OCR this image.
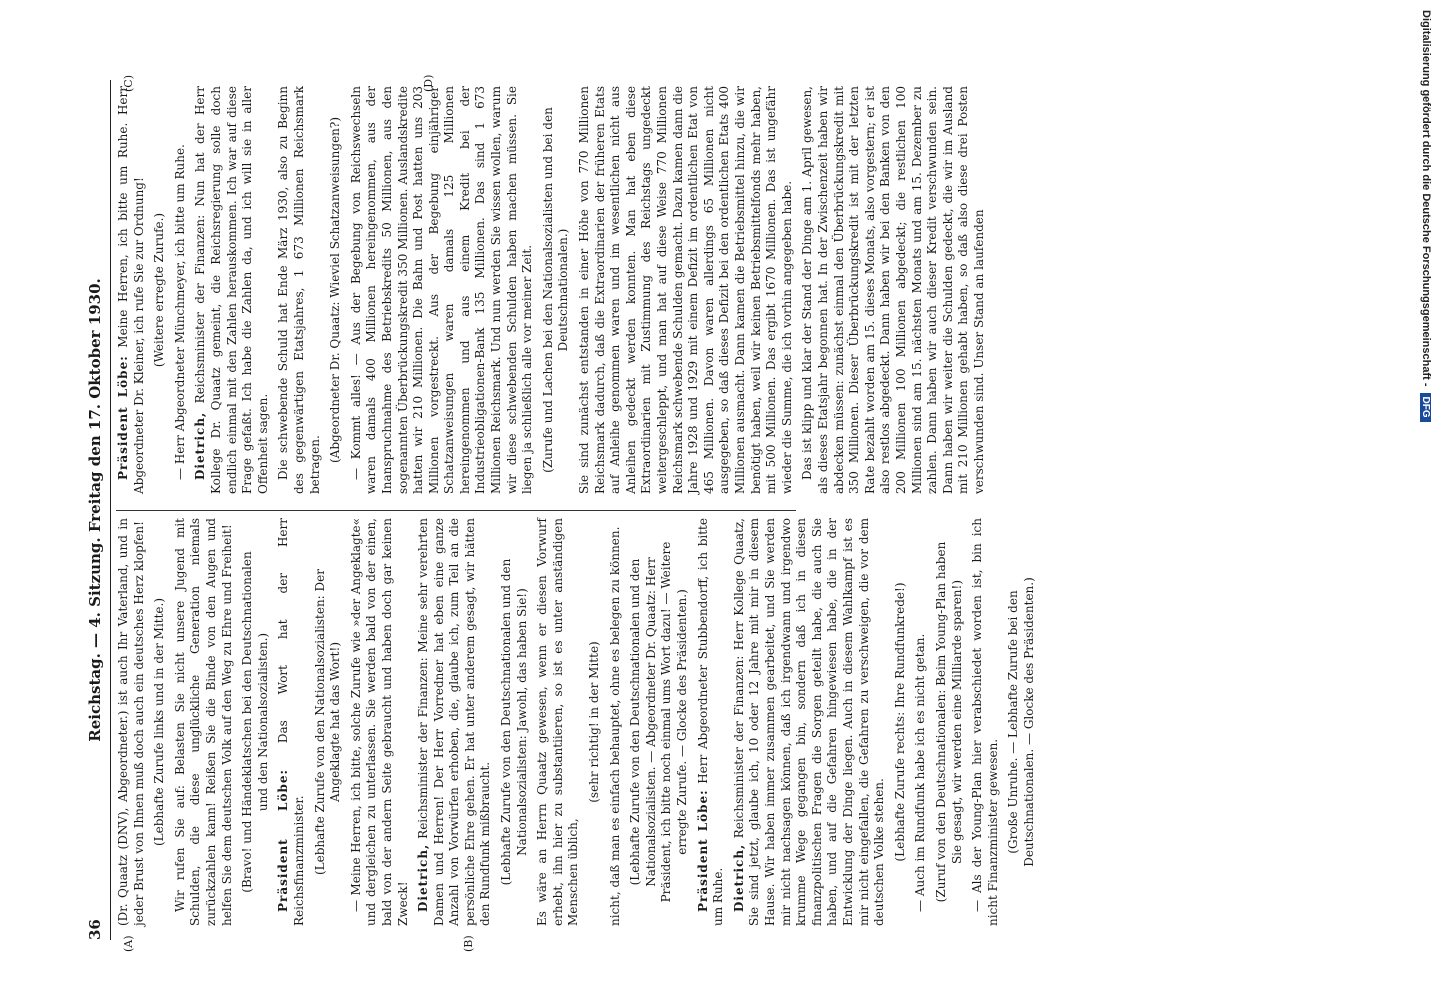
36
Reichstag. — 4. Sitzung. Freitag den 17. Oktober 1930.
(A)	(B)
(C)	(D)

(Dr. Quaatz (DNV), Abgeordneter.) ist auch Ihr Vaterland, und in jeder Brust von Ihnen muß doch auch ein deutsches Herz klopfen! (Lebhafte Zurufe links und in der Mitte.) Wir rufen Sie auf: Belasten Sie nicht unsere Jugend mit Schulden, die diese unglückliche Generation niemals zurückzahlen kann! Reißen Sie die Binde von den Augen und helfen Sie dem deutschen Volk auf den Weg zu Ehre und Freiheit! (Bravo! und Händeklatschen bei den Deutschnationalen und den Nationalsozialisten.)

Präsident Löbe: Das Wort hat der Herr Reichsfinanzminister. (Lebhafte Zurufe von den Nationalsozialisten: Der Angeklagte hat das Wort!) — Meine Herren, ich bitte, solche Zurufe wie »der Angeklagte« und dergleichen zu unterlassen. Sie werden bald von der einen, bald von der andern Seite gebraucht und haben doch gar keinen Zweck! Dietrich, Reichsminister der Finanzen: Meine sehr verehrten Damen und Herren! Der Herr Vorredner hat eben eine ganze Anzahl von Vorwürfen erhoben, die, glaube ich, zum Teil an die persönliche Ehre gehen. Er hat unter anderem gesagt, wir hätten den Rundfunk mißbraucht. (Lebhafte Zurufe von den Deutschnationalen und den Nationalsozialisten: Jawohl, das haben Sie!) Es wäre an Herrn Quaatz gewesen, wenn er diesen Vorwurf erhebt, ihn hier zu substantiieren, so ist es unter anständigen Menschen üblich,

(sehr richtig! in der Mitte) nicht, daß man es einfach behauptet, ohne es belegen zu können. (Lebhafte Zurufe von den Deutschnationalen und den Nationalsozialisten. — Abgeordneter Dr. Quaatz: Herr Präsident, ich bitte noch einmal ums Wort dazu! — Weitere erregte Zurufe. — Glocke des Präsidenten.) Präsident Löbe: Herr Abgeordneter Stubbendorff, ich bitte um Ruhe. Dietrich, Reichsminister der Finanzen: Herr Kollege Quaatz, Sie sind jetzt, glaube ich, 10 oder 12 Jahre mit mir in diesem Hause. Wir haben immer zusammen gearbeitet, und Sie werden mir nicht nachsagen können, daß ich irgendwann und irgendwo krumme Wege gegangen bin, sondern daß ich in diesen finanzpolitischen Fragen die Sorgen geteilt habe, die auch Sie haben, und auf die Gefahren hingewiesen habe, die in der Entwicklung der Dinge liegen. Auch in diesem Wahlkampf ist es mir nicht eingefallen, die Gefahren zu verschweigen, die vor dem deutschen Volke stehen. (Lebhafte Zurufe rechts: Ihre Rundfunkrede!) — Auch im Rundfunk habe ich es nicht getan. (Zuruf von den Deutschnationalen: Beim Young-Plan haben Sie gesagt, wir werden eine Milliarde sparen!) — Als der Young-Plan hier verabschiedet worden ist, bin ich nicht Finanzminister gewesen. (Große Unruhe. — Lebhafte Zurufe bei den Deutschnationalen. — Glocke des Präsidenten.)

Präsident Löbe: Meine Herren, ich bitte um Ruhe. Herr Abgeordneter Dr. Kleiner, ich rufe Sie zur Ordnung! (Weitere erregte Zurufe.) — Herr Abgeordneter Münchmeyer, ich bitte um Ruhe. Dietrich, Reichsminister der Finanzen: Nun hat der Herr Kollege Dr. Quaatz gemeint, die Reichsregierung solle doch endlich einmal mit den Zahlen herauskommen. Ich war auf diese Frage gefaßt. Ich habe die Zahlen da, und ich will sie in aller Offenheit sagen. Die schwebende Schuld hat Ende März 1930, also zu Beginn des gegenwärtigen Etatsjahres, 1 673 Millionen Reichsmark betragen.

(Abgeordneter Dr. Quaatz: Wieviel Schatzanweisungen?) — Kommt alles! — Aus der Begebung von Reichswechseln waren damals 400 Millionen hereingenommen, aus der Inanspruchnahme des Betriebskredits 50 Millionen, aus den sogenannten Überbrückungskredit 350 Millionen. Auslandskredite hatten wir 210 Millionen. Die Bahn und Post hatten uns 203 Millionen vorgestreckt. Aus der Begebung einjähriger Schatzanweisungen waren damals 125 Millionen hereingenommen und aus einem Kredit bei der Industrieobligationen-Bank 135 Millionen. Das sind 1 673 Millionen Reichsmark. Und nun werden Sie wissen wollen, warum wir diese schwebenden Schulden haben machen müssen. Sie liegen ja schließlich alle vor meiner Zeit. (Zurufe und Lachen bei den Nationalsozialisten und bei den Deutschnationalen.) Sie sind zunächst entstanden in einer Höhe von 770 Millionen Reichsmark dadurch, daß die Extraordinarien der früheren Etats auf Anleihe genommen waren und im wesentlichen nicht aus Anleihen gedeckt werden konnten. Man hat eben diese Extraordinarien mit Zustimmung des Reichstags ungedeckt weitergeschleppt, und man hat auf diese Weise 770 Millionen Reichsmark schwebende Schulden gemacht. Dazu kamen dann die Jahre 1928 und 1929 mit einem Defizit im ordentlichen Etat von 465 Millionen. Davon waren allerdings 65 Millionen nicht ausgegeben, so daß dieses Defizit bei den ordentlichen Etats 400 Millionen ausmacht. Dann kamen die Betriebsmittel hinzu, die wir benötigt haben, weil wir keinen Betriebsmittelfonds mehr haben, mit 500 Millionen. Das ergibt 1670 Millionen. Das ist ungefähr wieder die Summe, die ich vorhin angegeben habe. Das ist klipp und klar der Stand der Dinge am 1. April gewesen, als dieses Etatsjahr begonnen hat. In der Zwischenzeit haben wir abdecken müssen: zunächst einmal den Überbrückungskredit mit 350 Millionen. Dieser Überbrückungskredit ist mit der letzten Rate bezahlt worden am 15. dieses Monats, also vorgestern; er ist also restlos abgedeckt. Dann haben wir bei den Banken von den 200 Millionen 100 Millionen abgedeckt; die restlichen 100 Millionen sind am 15. nächsten Monats und am 15. Dezember zu zahlen. Dann haben wir auch dieser Kredit verschwunden sein. Dann haben wir weiter die Schulden gedeckt, die wir im Ausland mit 210 Millionen gehabt haben, so daß also diese drei Posten verschwunden sind. Unser Stand an laufenden	Digitalisierung gefördert durch die Deutsche Forschungsgemeinschaft -DFG
